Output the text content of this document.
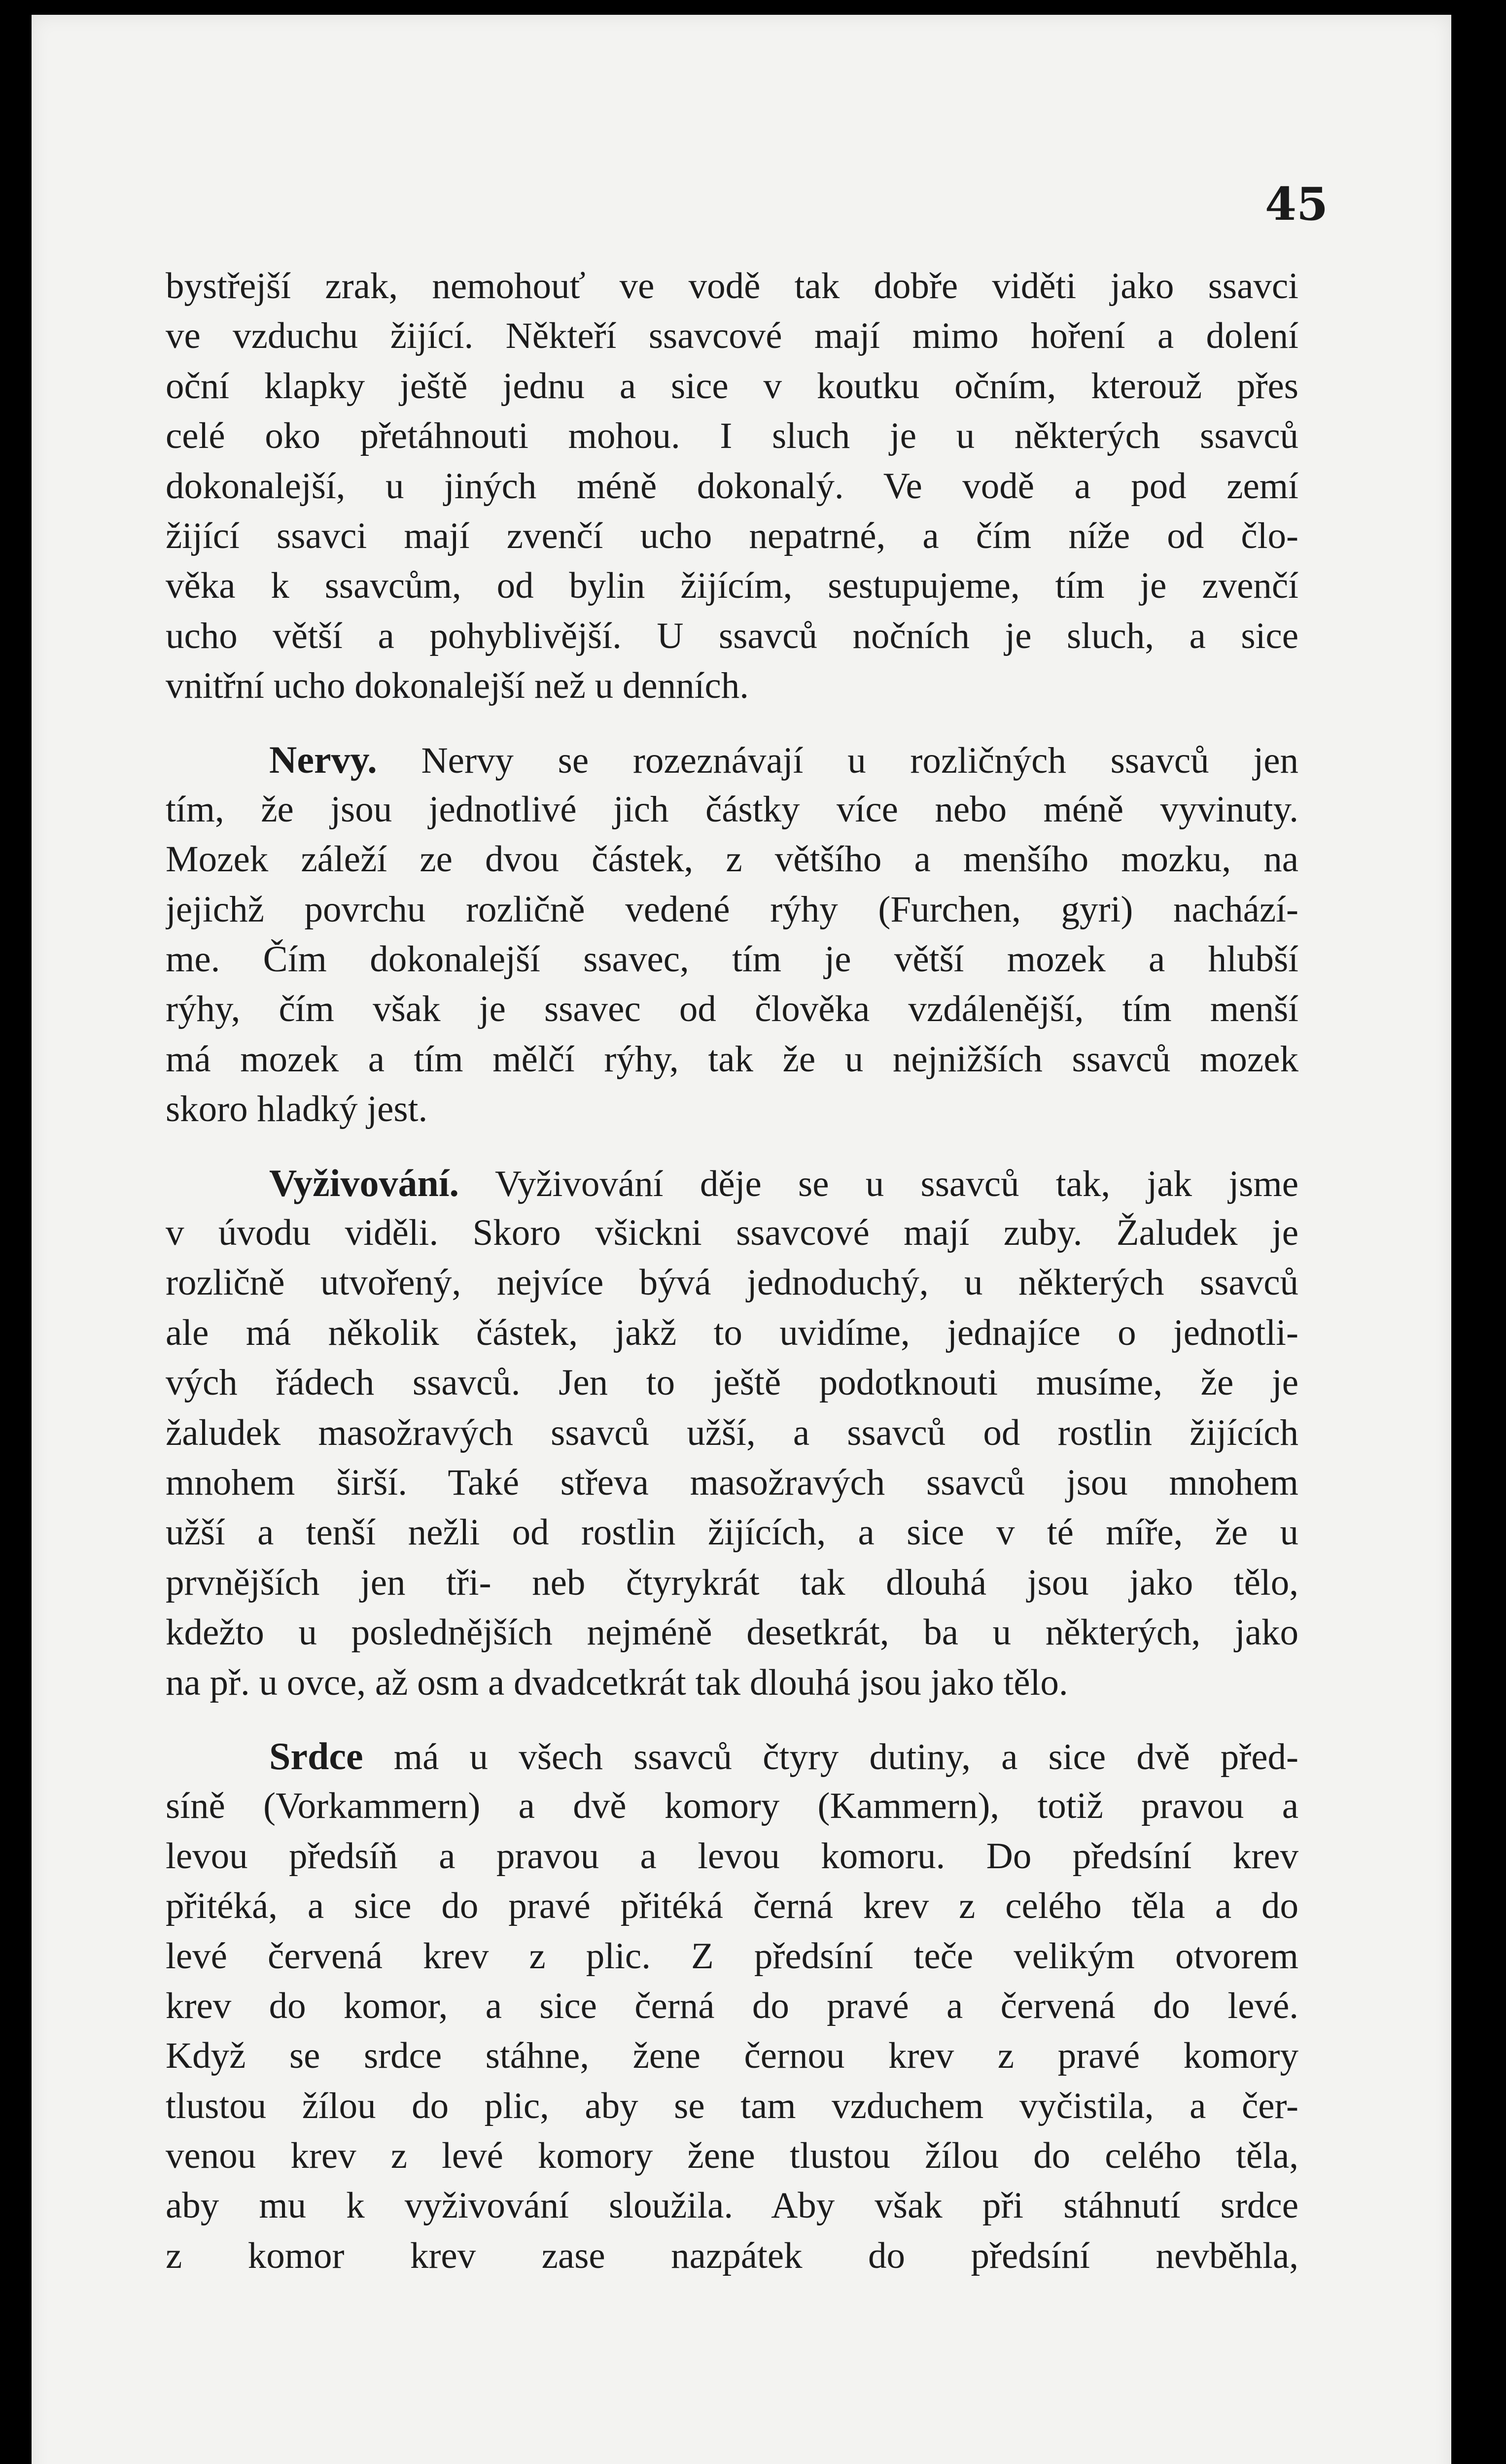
45
bystřejší zrak, nemohouť ve vodě tak dobře viděti jako ssavci
ve vzduchu žijící. Někteří ssavcové mají mimo hoření a dolení
oční klapky ještě jednu a sice v koutku očním, kterouž přes
celé oko přetáhnouti mohou. I sluch je u některých ssavců
dokonalejší, u jiných méně dokonalý. Ve vodě a pod zemí
žijící ssavci mají zvenčí ucho nepatrné, a čím níže od člo-
věka k ssavcům, od bylin žijícím, sestupujeme, tím je zvenčí
ucho větší a pohyblivější. U ssavců nočních je sluch, a sice
vnitřní ucho dokonalejší než u denních.
Nervy. Nervy se rozeznávají u rozličných ssavců jen
tím, že jsou jednotlivé jich částky více nebo méně vyvinuty.
Mozek záleží ze dvou částek, z většího a menšího mozku, na
jejichž povrchu rozličně vedené rýhy (Furchen, gyri) nachází-
me. Čím dokonalejší ssavec, tím je větší mozek a hlubší
rýhy, čím však je ssavec od člověka vzdálenější, tím menší
má mozek a tím mělčí rýhy, tak že u nejnižších ssavců mozek
skoro hladký jest.
Vyživování. Vyživování děje se u ssavců tak, jak jsme
v úvodu viděli. Skoro všickni ssavcové mají zuby. Žaludek je
rozličně utvořený, nejvíce bývá jednoduchý, u některých ssavců
ale má několik částek, jakž to uvidíme, jednajíce o jednotli-
vých řádech ssavců. Jen to ještě podotknouti musíme, že je
žaludek masožravých ssavců užší, a ssavců od rostlin žijících
mnohem širší. Také střeva masožravých ssavců jsou mnohem
užší a tenší nežli od rostlin žijících, a sice v té míře, že u
prvnějších jen tři- neb čtyrykrát tak dlouhá jsou jako tělo,
kdežto u poslednějších nejméně desetkrát, ba u některých, jako
na př. u ovce, až osm a dvadcetkrát tak dlouhá jsou jako tělo.
Srdce má u všech ssavců čtyry dutiny, a sice dvě před-
síně (Vorkammern) a dvě komory (Kammern), totiž pravou a
levou předsíň a pravou a levou komoru. Do předsíní krev
přitéká, a sice do pravé přitéká černá krev z celého těla a do
levé červená krev z plic. Z předsíní teče velikým otvorem
krev do komor, a sice černá do pravé a červená do levé.
Když se srdce stáhne, žene černou krev z pravé komory
tlustou žílou do plic, aby se tam vzduchem vyčistila, a čer-
venou krev z levé komory žene tlustou žílou do celého těla,
aby mu k vyživování sloužila. Aby však při stáhnutí srdce
z komor krev zase nazpátek do předsíní nevběhla,
